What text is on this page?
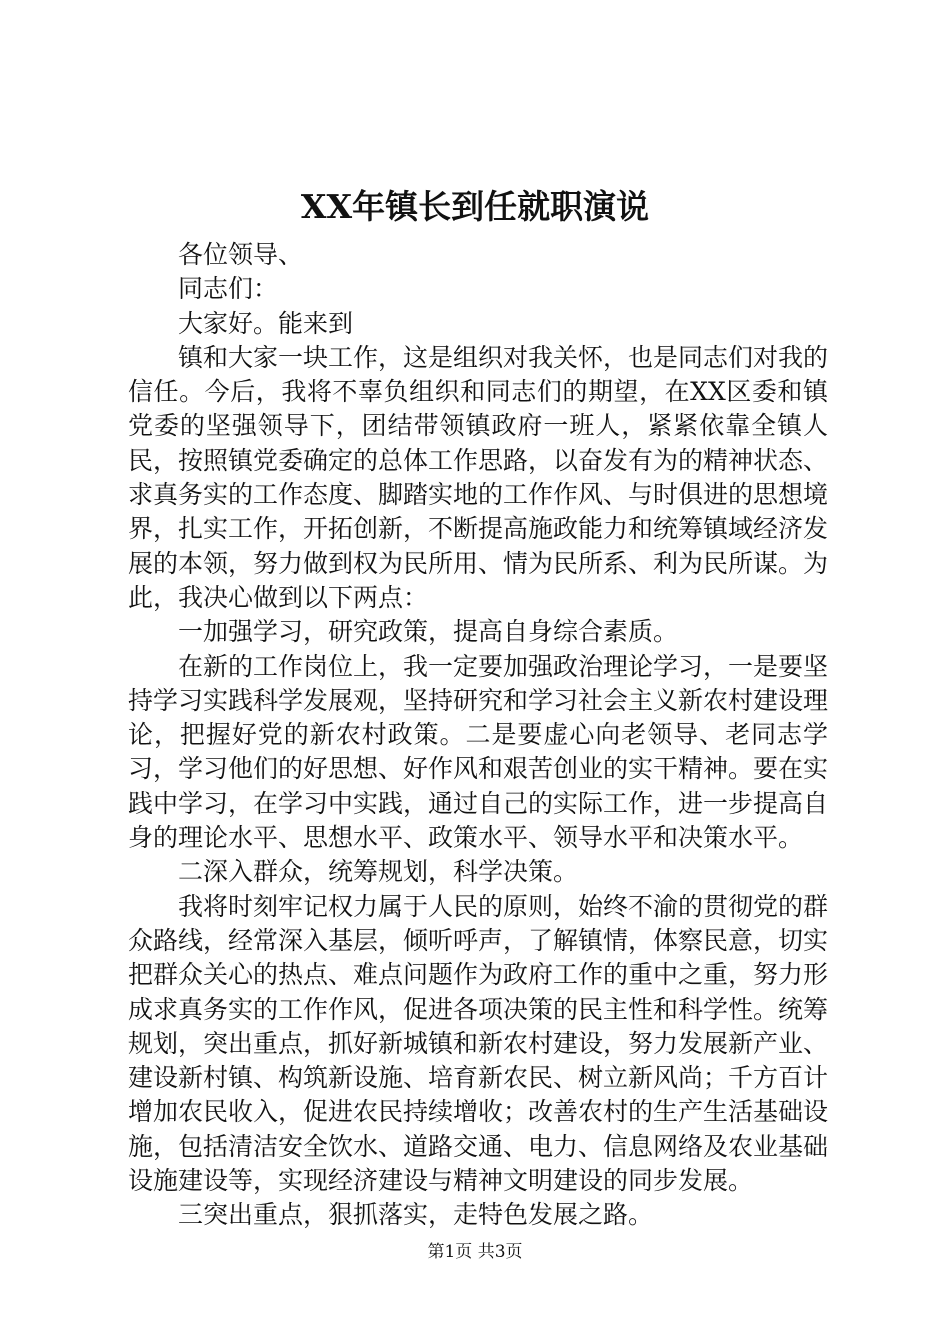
XX年镇长到任就职演说

各位领导、

同志们：

大家好。能来到

镇和大家一块工作，这是组织对我关怀，也是同志们对我的信任。今后，我将不辜负组织和同志们的期望，在XX区委和镇党委的坚强领导下，团结带领镇政府一班人，紧紧依靠全镇人民，按照镇党委确定的总体工作思路，以奋发有为的精神状态、求真务实的工作态度、脚踏实地的工作作风、与时俱进的思想境界，扎实工作，开拓创新，不断提高施政能力和统筹镇域经济发展的本领，努力做到权为民所用、情为民所系、利为民所谋。为此，我决心做到以下两点：

一加强学习，研究政策，提高自身综合素质。

在新的工作岗位上，我一定要加强政治理论学习，一是要坚持学习实践科学发展观，坚持研究和学习社会主义新农村建设理论，把握好党的新农村政策。二是要虚心向老领导、老同志学习，学习他们的好思想、好作风和艰苦创业的实干精神。要在实践中学习，在学习中实践，通过自己的实际工作，进一步提高自身的理论水平、思想水平、政策水平、领导水平和决策水平。

二深入群众，统筹规划，科学决策。

我将时刻牢记权力属于人民的原则，始终不渝的贯彻党的群众路线，经常深入基层，倾听呼声，了解镇情，体察民意，切实把群众关心的热点、难点问题作为政府工作的重中之重，努力形成求真务实的工作作风，促进各项决策的民主性和科学性。统筹规划，突出重点，抓好新城镇和新农村建设，努力发展新产业、建设新村镇、构筑新设施、培育新农民、树立新风尚；千方百计增加农民收入，促进农民持续增收；改善农村的生产生活基础设施，包括清洁安全饮水、道路交通、电力、信息网络及农业基础设施建设等，实现经济建设与精神文明建设的同步发展。

三突出重点，狠抓落实，走特色发展之路。

第1页 共3页
